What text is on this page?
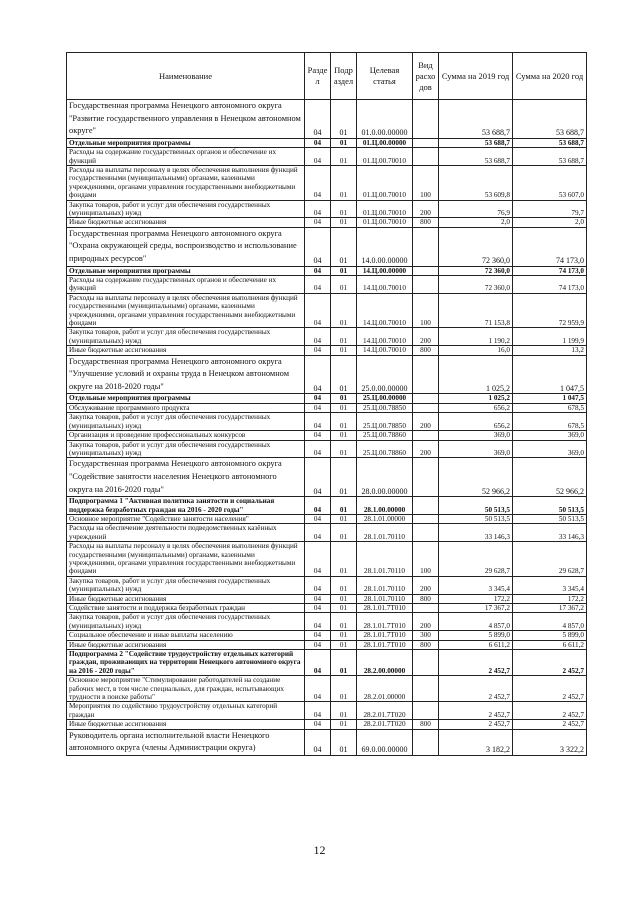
Наименование	Разде л	Подр аздел	Целевая статья	Вид расхо дов	Сумма на 2019 год	Сумма на 2020 год
Государственная программа Ненецкого автономного округа "Развитие государственного управления в Ненецком автономном округе"	04	01	01.0.00.00000		53 688,7	53 688,7
Отдельные мероприятия программы	04	01	01.Ц.00.00000		53 688,7	53 688,7
Расходы на содержание государственных органов и обеспечение их функций	04	01	01.Ц.00.70010		53 688,7	53 688,7
Расходы на выплаты персоналу в целях обеспечения выполнения функций государственными (муниципальными) органами, казенными учреждениями, органами управления государственными внебюджетными фондами	04	01	01.Ц.00.70010	100	53 609,8	53 607,0
Закупка товаров, работ и услуг для обеспечения государственных (муниципальных) нужд	04	01	01.Ц.00.70010	200	76,9	79,7
Иные бюджетные ассигнования	04	01	01.Ц.00.70010	800	2,0	2,0
Государственная программа Ненецкого автономного округа "Охрана окружающей среды, воспроизводство и использование природных ресурсов"	04	01	14.0.00.00000		72 360,0	74 173,0
Отдельные мероприятия программы	04	01	14.Ц.00.00000		72 360,0	74 173,0
Расходы на содержание государственных органов и обеспечение их функций	04	01	14.Ц.00.70010		72 360,0	74 173,0
Расходы на выплаты персоналу в целях обеспечения выполнения функций государственными (муниципальными) органами, казенными учреждениями, органами управления государственными внебюджетными фондами	04	01	14.Ц.00.70010	100	71 153,8	72 959,9
Закупка товаров, работ и услуг для обеспечения государственных (муниципальных) нужд	04	01	14.Ц.00.70010	200	1 190,2	1 199,9
Иные бюджетные ассигнования	04	01	14.Ц.00.70010	800	16,0	13,2
Государственная программа Ненецкого автономного округа "Улучшение условий и охраны труда в Ненецком автономном округе на 2018-2020 годы"	04	01	25.0.00.00000		1 025,2	1 047,5
Отдельные мероприятия программы	04	01	25.Ц.00.00000		1 025,2	1 047,5
Обслуживание программного продукта	04	01	25.Ц.00.78850		656,2	678,5
Закупка товаров, работ и услуг для обеспечения государственных (муниципальных) нужд	04	01	25.Ц.00.78850	200	656,2	678,5
Организация и проведение профессиональных конкурсов	04	01	25.Ц.00.78860		369,0	369,0
Закупка товаров, работ и услуг для обеспечения государственных (муниципальных) нужд	04	01	25.Ц.00.78860	200	369,0	369,0
Государственная программа Ненецкого автономного округа "Содействие занятости населения Ненецкого автономного округа на 2016-2020 годы"	04	01	28.0.00.00000		52 966,2	52 966,2
Подпрограмма 1 "Активная политика занятости и социальная поддержка безработных граждан на 2016 - 2020 годы"	04	01	28.1.00.00000		50 513,5	50 513,5
Основное мероприятие "Содействие занятости населения"	04	01	28.1.01.00000		50 513,5	50 513,5
Расходы на обеспечение деятельности подведомственных казённых учреждений	04	01	28.1.01.70110		33 146,3	33 146,3
Расходы на выплаты персоналу в целях обеспечения выполнения функций государственными (муниципальными) органами, казенными учреждениями, органами управления государственными внебюджетными фондами	04	01	28.1.01.70110	100	29 628,7	29 628,7
Закупка товаров, работ и услуг для обеспечения государственных (муниципальных) нужд	04	01	28.1.01.70110	200	3 345,4	3 345,4
Иные бюджетные ассигнования	04	01	28.1.01.70110	800	172,2	172,2
Содействие занятости и поддержка безработных граждан	04	01	28.1.01.7Т010		17 367,2	17 367,2
Закупка товаров, работ и услуг для обеспечения государственных (муниципальных) нужд	04	01	28.1.01.7Т010	200	4 857,0	4 857,0
Социальное обеспечение и иные выплаты населению	04	01	28.1.01.7Т010	300	5 899,0	5 899,0
Иные бюджетные ассигнования	04	01	28.1.01.7Т010	800	6 611,2	6 611,2
Подпрограмма 2 "Содействие трудоустройству отдельных категорий граждан, проживающих на территории Ненецкого автономного округа на 2016 - 2020 годы"	04	01	28.2.00.00000		2 452,7	2 452,7
Основное мероприятие "Стимулирование работодателей на создание рабочих мест, в том числе специальных, для граждан, испытывающих трудности в поиске работы"	04	01	28.2.01.00000		2 452,7	2 452,7
Мероприятия по содействию трудоустройству отдельных категорий граждан	04	01	28.2.01.7Т020		2 452,7	2 452,7
Иные бюджетные ассигнования	04	01	28.2.01.7Т020	800	2 452,7	2 452,7
Руководитель органа исполнительной власти Ненецкого автономного округа (члены Администрации округа)	04	01	69.0.00.00000		3 182,2	3 322,2
12
